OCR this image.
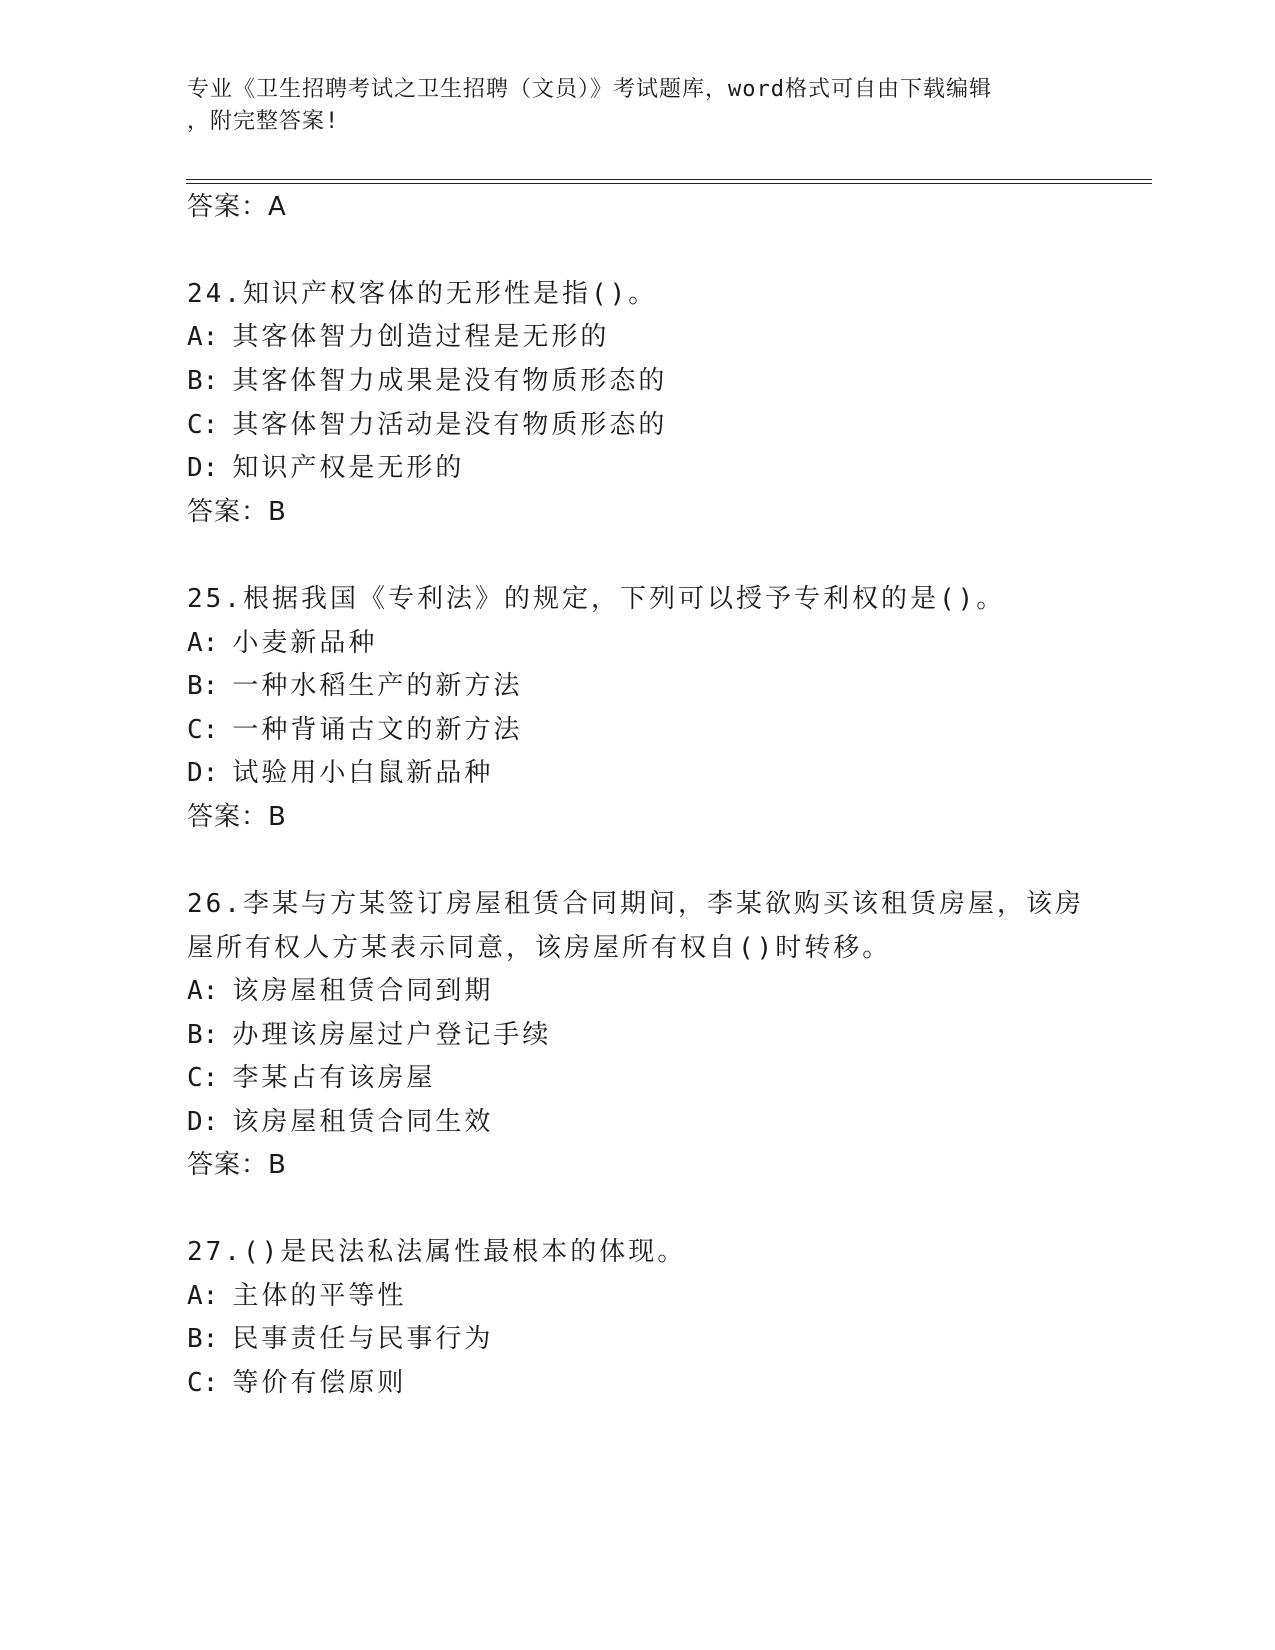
专业《卫生招聘考试之卫生招聘（文员）》考试题库，word格式可自由下载编辑
，附完整答案!
答案：A
24.知识产权客体的无形性是指()。
A: 其客体智力创造过程是无形的
B: 其客体智力成果是没有物质形态的
C: 其客体智力活动是没有物质形态的
D: 知识产权是无形的
答案：B
25.根据我国《专利法》的规定，下列可以授予专利权的是()。
A: 小麦新品种
B: 一种水稻生产的新方法
C: 一种背诵古文的新方法
D: 试验用小白鼠新品种
答案：B
26.李某与方某签订房屋租赁合同期间，李某欲购买该租赁房屋，该房
屋所有权人方某表示同意，该房屋所有权自()时转移。
A: 该房屋租赁合同到期
B: 办理该房屋过户登记手续
C: 李某占有该房屋
D: 该房屋租赁合同生效
答案：B
27.()是民法私法属性最根本的体现。
A: 主体的平等性
B: 民事责任与民事行为
C: 等价有偿原则
